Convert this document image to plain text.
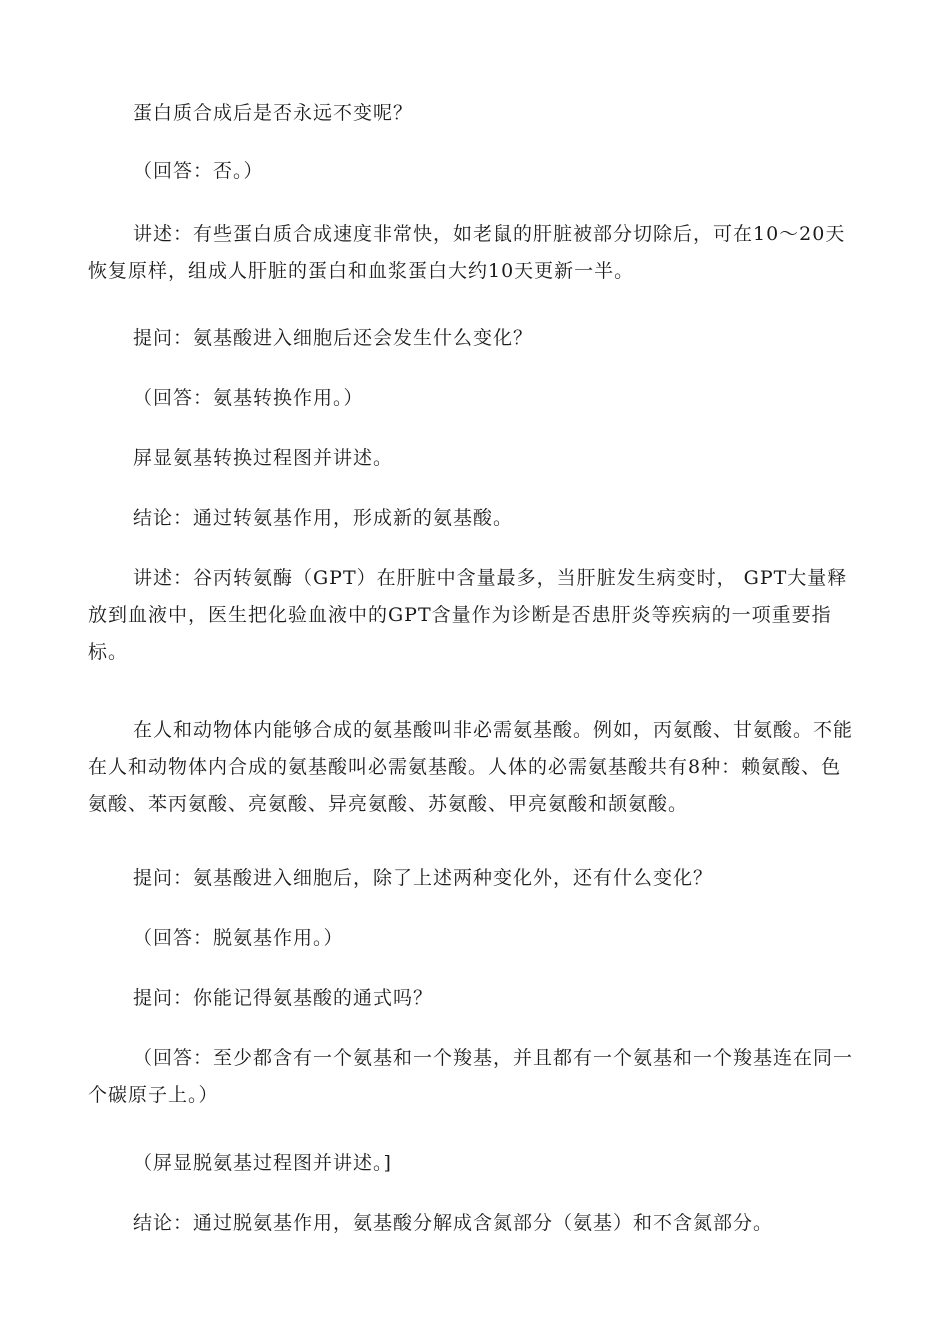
蛋白质合成后是否永远不变呢？

（回答：否。）

讲述：有些蛋白质合成速度非常快，如老鼠的肝脏被部分切除后，可在10～20天恢复原样，组成人肝脏的蛋白和血浆蛋白大约10天更新一半。

提问：氨基酸进入细胞后还会发生什么变化？

（回答：氨基转换作用。）

屏显氨基转换过程图并讲述。

结论：通过转氨基作用，形成新的氨基酸。

讲述：谷丙转氨酶（GPT）在肝脏中含量最多，当肝脏发生病变时， GPT大量释放到血液中，医生把化验血液中的GPT含量作为诊断是否患肝炎等疾病的一项重要指标。

在人和动物体内能够合成的氨基酸叫非必需氨基酸。例如，丙氨酸、甘氨酸。不能在人和动物体内合成的氨基酸叫必需氨基酸。人体的必需氨基酸共有8种：赖氨酸、色氨酸、苯丙氨酸、亮氨酸、异亮氨酸、苏氨酸、甲亮氨酸和颉氨酸。

提问：氨基酸进入细胞后，除了上述两种变化外，还有什么变化？

（回答：脱氨基作用。）

提问：你能记得氨基酸的通式吗？

（回答：至少都含有一个氨基和一个羧基，并且都有一个氨基和一个羧基连在同一个碳原子上。）

（屏显脱氨基过程图并讲述。]

结论：通过脱氨基作用，氨基酸分解成含氮部分（氨基）和不含氮部分。
